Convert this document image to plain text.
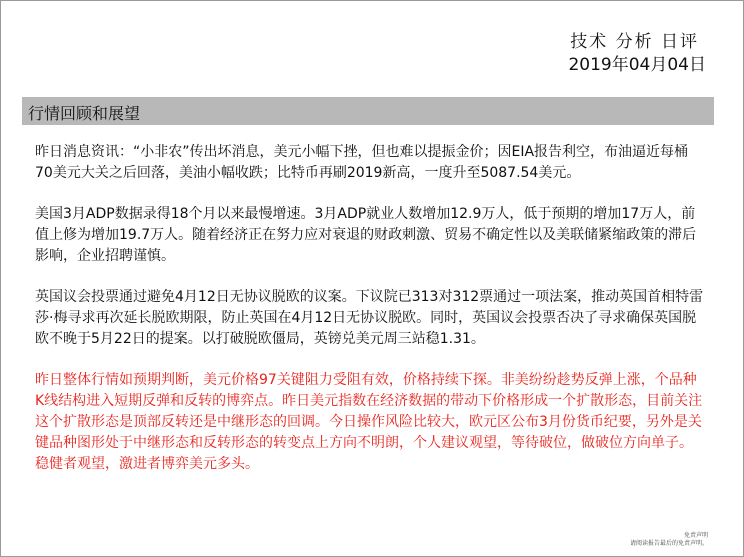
技术 分析 日评
2019年04月04日
行情回顾和展望

昨日消息资讯：“小非农”传出坏消息，美元小幅下挫，但也难以提振金价；因EIA报告利空，布油逼近每桶70美元大关之后回落，美油小幅收跌；比特币再刷2019新高，一度升至5087.54美元。

美国3月ADP数据录得18个月以来最慢增速。3月ADP就业人数增加12.9万人，低于预期的增加17万人，前值上修为增加19.7万人。随着经济正在努力应对衰退的财政刺激、贸易不确定性以及美联储紧缩政策的滞后影响，企业招聘谨慎。

英国议会投票通过避免4月12日无协议脱欧的议案。下议院已313对312票通过一项法案，推动英国首相特雷莎·梅寻求再次延长脱欧期限，防止英国在4月12日无协议脱欧。同时，英国议会投票否决了寻求确保英国脱欧不晚于5月22日的提案。以打破脱欧僵局，英镑兑美元周三站稳1.31。

昨日整体行情如预期判断，美元价格97关键阻力受阻有效，价格持续下探。非美纷纷趁势反弹上涨，个品种K线结构进入短期反弹和反转的博弈点。昨日美元指数在经济数据的带动下价格形成一个扩散形态，目前关注这个扩散形态是顶部反转还是中继形态的回调。今日操作风险比较大，欧元区公布3月份货币纪要，另外是关键品种图形处于中继形态和反转形态的转变点上方向不明朗，个人建议观望，等待破位，做破位方向单子。稳健者观望，激进者博弈美元多头。

免责声明
请阅读报告最后的免责声明。
